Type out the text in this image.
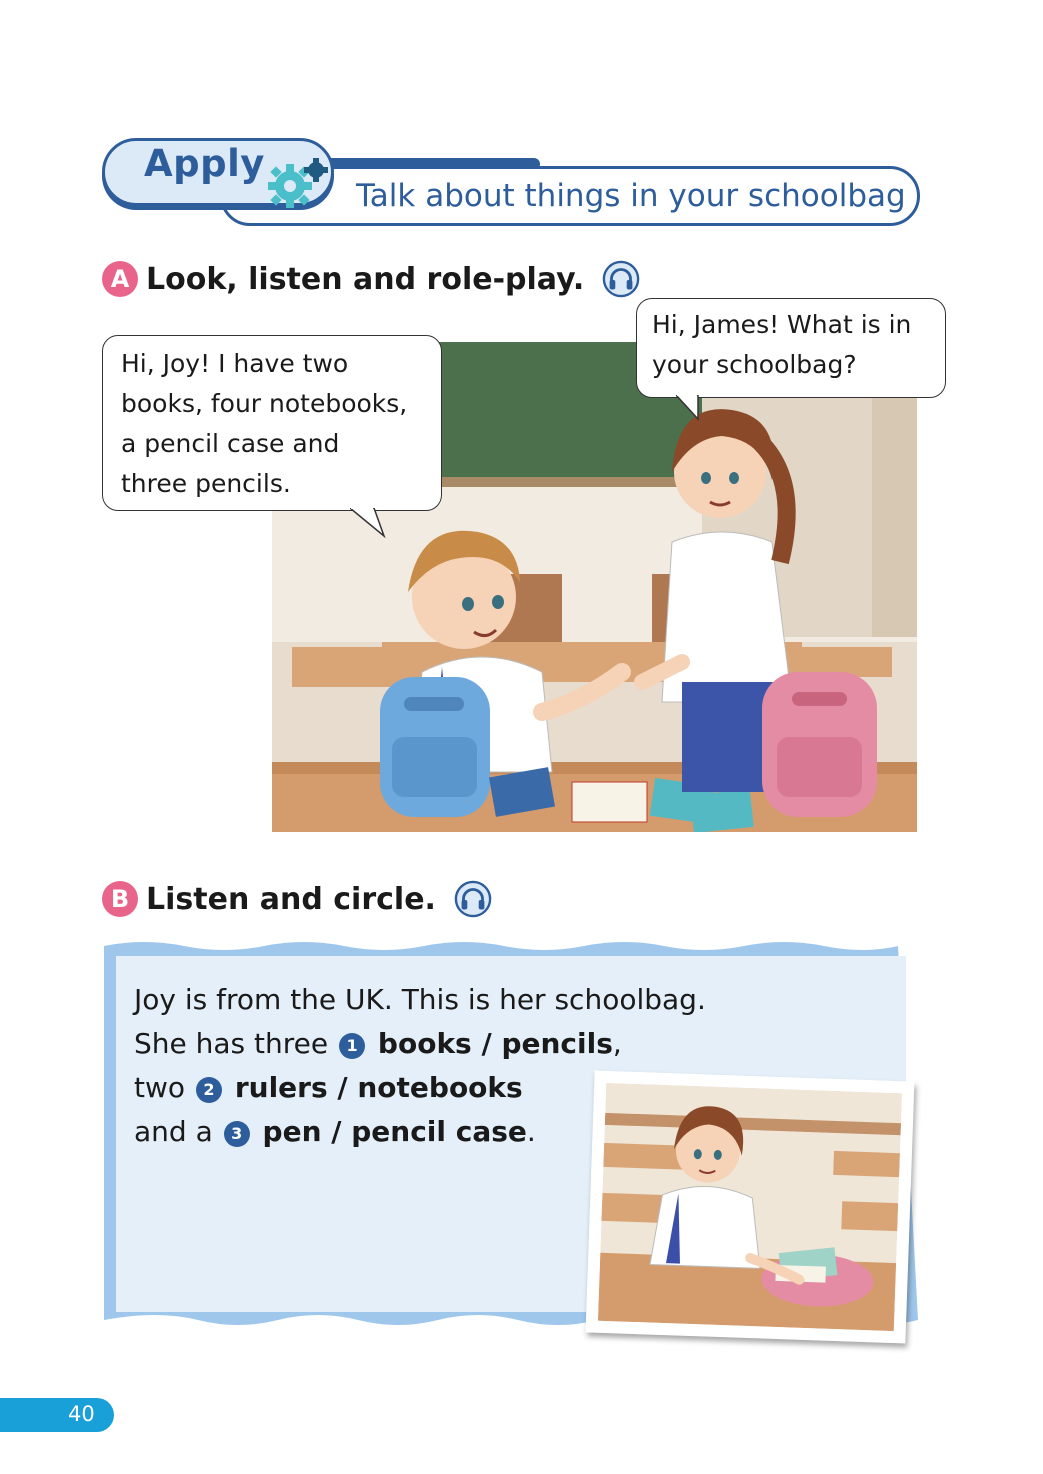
Apply
Talk about things in your schoolbag
A Look, listen and role-play.
Hi, Joy! I have two
books, four notebooks,
a pencil case and
three pencils.
Hi, James! What is in
your schoolbag?
B Listen and circle.
Joy is from the UK. This is her schoolbag.
She has three 1 books / pencils,
two 2 rulers / notebooks
and a 3 pen / pencil case.
40
